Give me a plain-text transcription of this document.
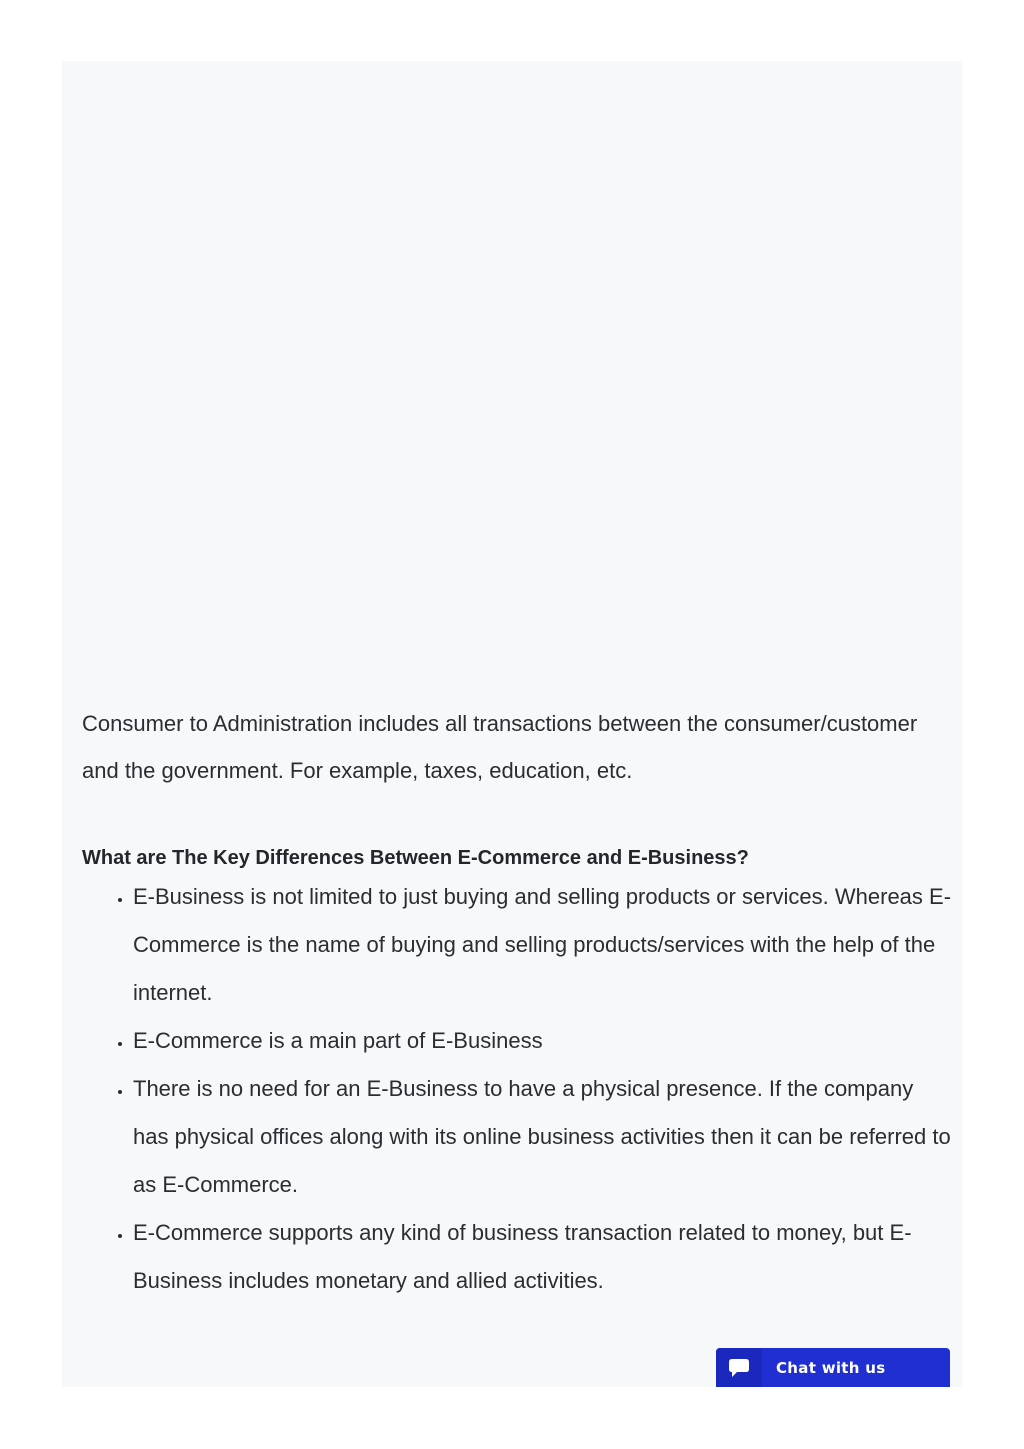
Consumer to Administration includes all transactions between the consumer/customer and the government. For example, taxes, education, etc.

What are The Key Differences Between E-Commerce and E-Business?
• E-Business is not limited to just buying and selling products or services. Whereas E-Commerce is the name of buying and selling products/services with the help of the internet.
• E-Commerce is a main part of E-Business
• There is no need for an E-Business to have a physical presence. If the company has physical offices along with its online business activities then it can be referred to as E-Commerce.
• E-Commerce supports any kind of business transaction related to money, but E-Business includes monetary and allied activities.
Chat with us
